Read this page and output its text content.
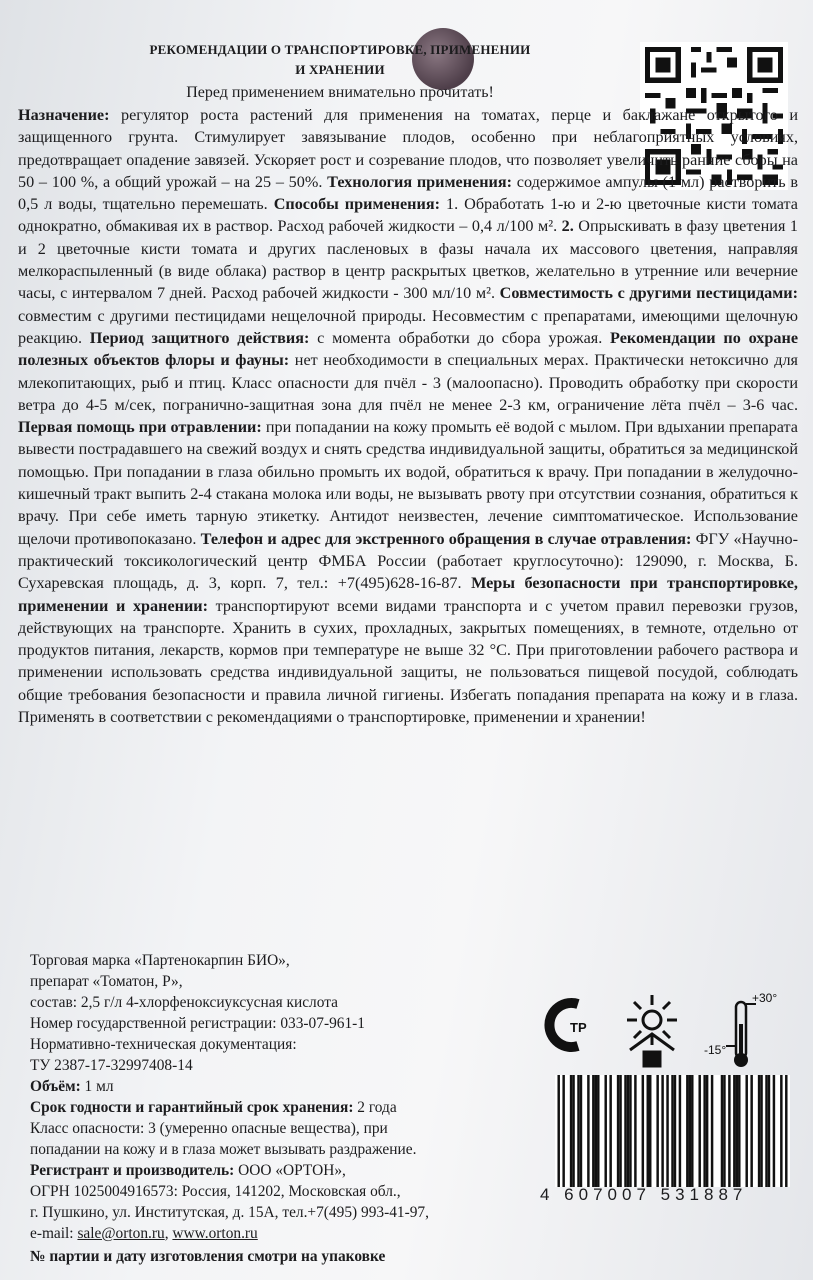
РЕКОМЕНДАЦИИ О ТРАНСПОРТИРОВКЕ, ПРИМЕНЕНИИ
И ХРАНЕНИИ
Перед применением внимательно прочитать!

Назначение: регулятор роста растений для применения на томатах, перце и баклажане открытого и защищенного грунта. Стимулирует завязывание плодов, особенно при неблагоприятных условиях, предотвращает опадение завязей. Ускоряет рост и созревание плодов, что позволяет увеличить ранние сборы на 50 – 100 %, а общий урожай – на 25 – 50%. Технология применения: содержимое ампулы (1 мл) растворить в 0,5 л воды, тщательно перемешать. Способы применения: 1. Обработать 1-ю и 2-ю цветочные кисти томата однократно, обмакивая их в раствор. Расход рабочей жидкости – 0,4 л/100 м². 2. Опрыскивать в фазу цветения 1 и 2 цветочные кисти томата и других пасленовых в фазы начала их массового цветения, направляя мелкораспыленный (в виде облака) раствор в центр раскрытых цветков, желательно в утренние или вечерние часы, с интервалом 7 дней. Расход рабочей жидкости - 300 мл/10 м². Совместимость с другими пестицидами: совместим с другими пестицидами нещелочной природы. Несовместим с препаратами, имеющими щелочную реакцию. Период защитного действия: с момента обработки до сбора урожая. Рекомендации по охране полезных объектов флоры и фауны: нет необходимости в специальных мерах. Практически нетоксично для млекопитающих, рыб и птиц. Класс опасности для пчёл - 3 (малоопасно). Проводить обработку при скорости ветра до 4-5 м/сек, пограничнo-защитная зона для пчёл не менее 2-3 км, ограничение лёта пчёл – 3-6 час. Первая помощь при отравлении: при попадании на кожу промыть её водой с мылом. При вдыхании препарата вывести пострадавшего на свежий воздух и снять средства индивидуальной защиты, обратиться за медицинской помощью. При попадании в глаза обильно промыть их водой, обратиться к врачу. При попадании в желудочно-кишечный тракт выпить 2-4 стакана молока или воды, не вызывать рвоту при отсутствии сознания, обратиться к врачу. При себе иметь тарную этикетку. Антидот неизвестен, лечение симптоматическое. Использование щелочи противопоказано. Телефон и адрес для экстренного обращения в случае отравления: ФГУ «Научно-практический токсикологический центр ФМБА России (работает круглосуточно): 129090, г. Москва, Б. Сухаревская площадь, д. 3, корп. 7, тел.: +7(495)628-16-87. Меры безопасности при транспортировке, применении и хранении: транспортируют всеми видами транспорта и с учетом правил перевозки грузов, действующих на транспорте. Хранить в сухих, прохладных, закрытых помещениях, в темноте, отдельно от продуктов питания, лекарств, кормов при температуре не выше 32 °С. При приготовлении рабочего раствора и применении использовать средства индивидуальной защиты, не пользоваться пищевой посудой, соблюдать общие требования безопасности и правила личной гигиены. Избегать попадания препарата на кожу и в глаза. Применять в соответствии с рекомендациями о транспортировке, применении и хранении!

Торговая марка «Партенокарпин БИО»,
препарат «Томатон, Р»,
состав: 2,5 г/л 4-хлорфеноксиуксусная кислота
Номер государственной регистрации: 033-07-961-1
Нормативно-техническая документация:
ТУ 2387-17-32997408-14
Объём: 1 мл
Срок годности и гарантийный срок хранения: 2 года
Класс опасности: 3 (умеренно опасные вещества), при
попадании на кожу и в глаза может вызывать раздражение.
Регистрант и производитель: ООО «ОРТОН»,
ОГРН 1025004916573: Россия, 141202, Московская обл.,
г. Пушкино, ул. Институтская, д. 15А, тел.+7(495) 993-41-97,
e-mail: sale@orton.ru, www.orton.ru
№ партии и дату изготовления смотри на упаковке
ТР
+30°
-15°
4 607007 531887
